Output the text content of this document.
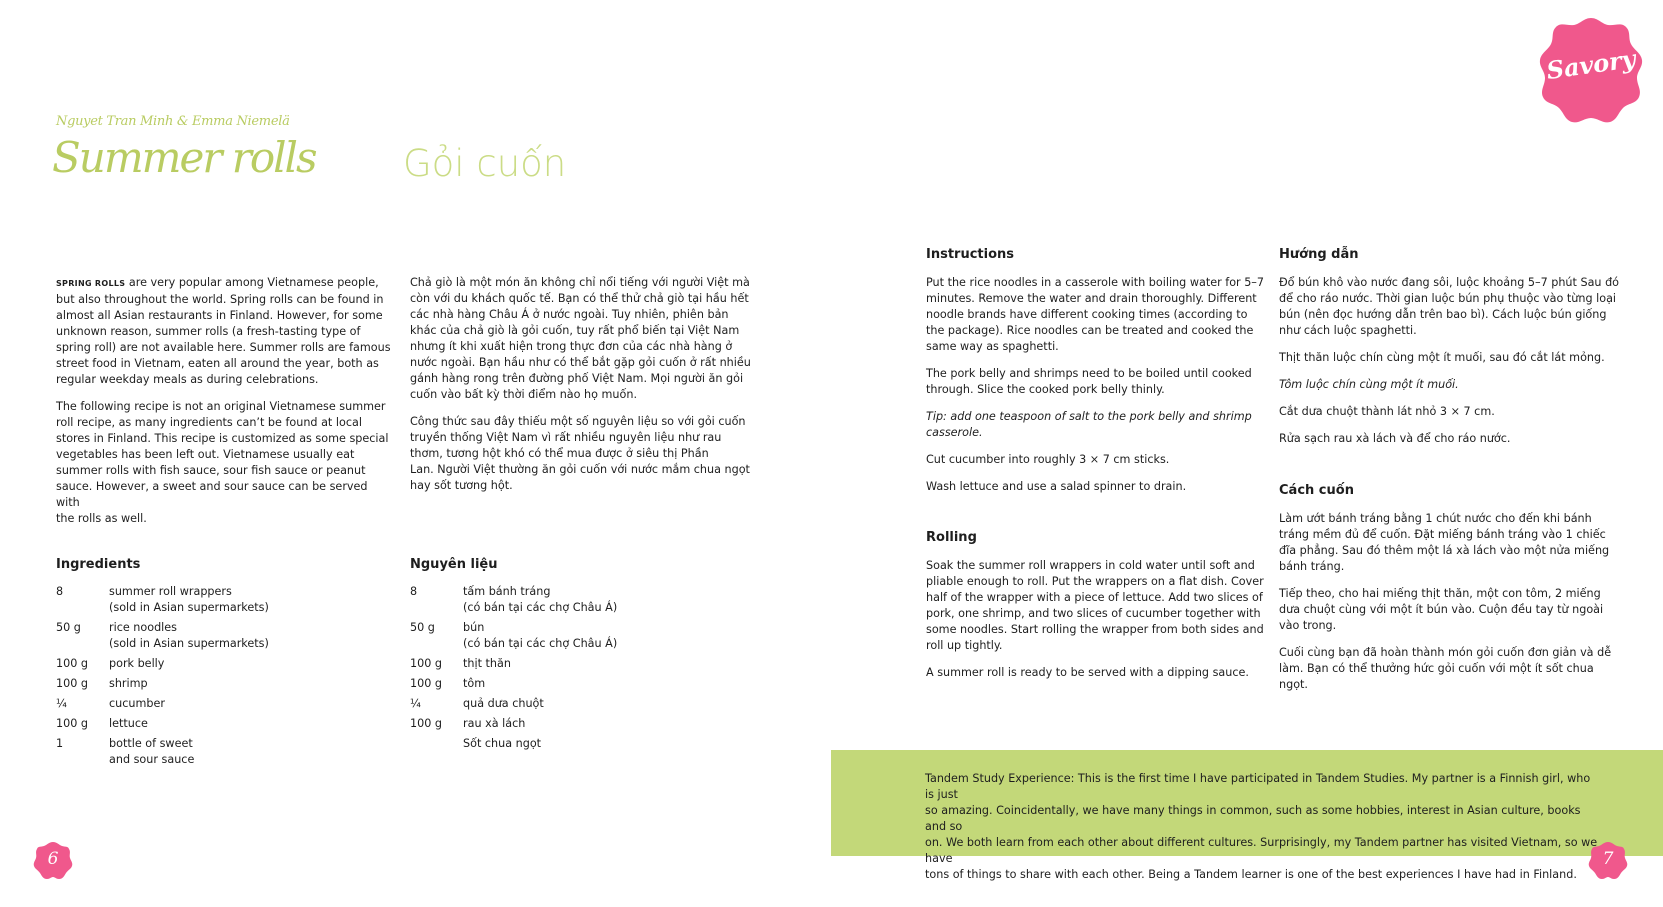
Nguyet Tran Minh & Emma Niemelä
Summer rolls Gỏi cuốn
Savory

SPRING ROLLS are very popular among Vietnamese people,
but also throughout the world. Spring rolls can be found in
almost all Asian restaurants in Finland. However, for some
unknown reason, summer rolls (a fresh-tasting type of
spring roll) are not available here. Summer rolls are famous
street food in Vietnam, eaten all around the year, both as
regular weekday meals as during celebrations.

The following recipe is not an original Vietnamese summer
roll recipe, as many ingredients can’t be found at local
stores in Finland. This recipe is customized as some special
vegetables has been left out. Vietnamese usually eat
summer rolls with fish sauce, sour fish sauce or peanut
sauce. However, a sweet and sour sauce can be served with
the rolls as well.

Chả giò là một món ăn không chỉ nổi tiếng với người Việt mà
còn với du khách quốc tế. Bạn có thể thử chả giò tại hầu hết
các nhà hàng Châu Á ở nước ngoài. Tuy nhiên, phiên bản
khác của chả giò là gỏi cuốn, tuy rất phổ biến tại Việt Nam
nhưng ít khi xuất hiện trong thực đơn của các nhà hàng ở
nước ngoài. Bạn hầu như có thể bắt gặp gỏi cuốn ở rất nhiều
gánh hàng rong trên đường phố Việt Nam. Mọi người ăn gỏi
cuốn vào bất kỳ thời điểm nào họ muốn.

Công thức sau đây thiếu một số nguyên liệu so với gỏi cuốn
truyền thống Việt Nam vì rất nhiều nguyên liệu như rau
thơm, tương hột khó có thể mua được ở siêu thị Phần
Lan. Người Việt thường ăn gỏi cuốn với nước mắm chua ngọt
hay sốt tương hột.

Ingredients

8	summer roll wrappers
(sold in Asian supermarkets)
50 g	rice noodles
(sold in Asian supermarkets)
100 g	pork belly
100 g	shrimp
¼	cucumber
100 g	lettuce
1	bottle of sweet
and sour sauce

Nguyên liệu

8	tấm bánh tráng
(có bán tại các chợ Châu Á)
50 g	bún
(có bán tại các chợ Châu Á)
100 g	thịt thăn
100 g	tôm
¼	quả dưa chuột
100 g	rau xà lách
	Sốt chua ngọt

Instructions

Put the rice noodles in a casserole with boiling water for 5–7
minutes. Remove the water and drain thoroughly. Different
noodle brands have different cooking times (according to
the package). Rice noodles can be treated and cooked the
same way as spaghetti.

The pork belly and shrimps need to be boiled until cooked
through. Slice the cooked pork belly thinly.

Tip: add one teaspoon of salt to the pork belly and shrimp
casserole.

Cut cucumber into roughly 3 × 7 cm sticks.

Wash lettuce and use a salad spinner to drain.

Rolling

Soak the summer roll wrappers in cold water until soft and
pliable enough to roll. Put the wrappers on a flat dish. Cover
half of the wrapper with a piece of lettuce. Add two slices of
pork, one shrimp, and two slices of cucumber together with
some noodles. Start rolling the wrapper from both sides and
roll up tightly.

A summer roll is ready to be served with a dipping sauce.

Hướng dẫn

Đổ bún khô vào nước đang sôi, luộc khoảng 5–7 phút Sau đó
để cho ráo nước. Thời gian luộc bún phụ thuộc vào từng loại
bún (nên đọc hướng dẫn trên bao bì). Cách luộc bún giống
như cách luộc spaghetti.

Thịt thăn luộc chín cùng một ít muối, sau đó cắt lát mỏng.

Tôm luộc chín cùng một ít muối.

Cắt dưa chuột thành lát nhỏ 3 × 7 cm.

Rửa sạch rau xà lách và để cho ráo nước.

Cách cuốn

Làm ướt bánh tráng bằng 1 chút nước cho đến khi bánh
tráng mềm đủ để cuốn. Đặt miếng bánh tráng vào 1 chiếc
đĩa phẳng. Sau đó thêm một lá xà lách vào một nửa miếng
bánh tráng.

Tiếp theo, cho hai miếng thịt thăn, một con tôm, 2 miếng
dưa chuột cùng với một ít bún vào. Cuộn đều tay từ ngoài
vào trong.

Cuối cùng bạn đã hoàn thành món gỏi cuốn đơn giản và dễ
làm. Bạn có thể thưởng hức gỏi cuốn với một ít sốt chua ngọt.

Tandem Study Experience: This is the first time I have participated in Tandem Studies. My partner is a Finnish girl, who is just
so amazing. Coincidentally, we have many things in common, such as some hobbies, interest in Asian culture, books and so
on. We both learn from each other about different cultures. Surprisingly, my Tandem partner has visited Vietnam, so we have
tons of things to share with each other. Being a Tandem learner is one of the best experiences I have had in Finland.
6	7
